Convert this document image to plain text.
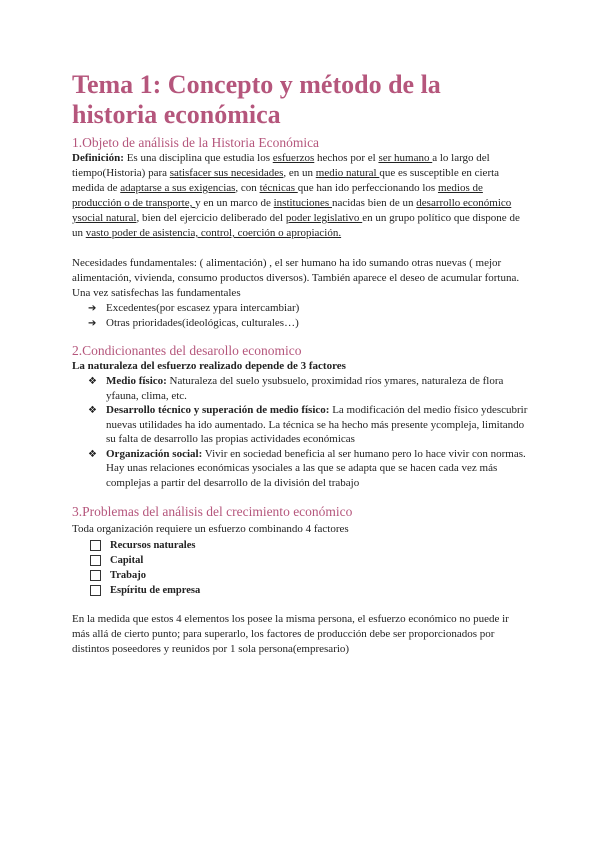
Tema 1: Concepto y método de la historia económica
1.Objeto de análisis de la Historia Económica

Definición: Es una disciplina que estudia los esfuerzos hechos por el ser humano a lo largo del tiempo(Historia) para satisfacer sus necesidades, en un medio natural que es susceptible en cierta medida de adaptarse a sus exigencias, con técnicas que han ido perfeccionando los medios de producción o de transporte, y en un marco de instituciones nacidas bien de un desarrollo económico ysocial natural, bien del ejercicio deliberado del poder legislativo en un grupo político que dispone de un vasto poder de asistencia, control, coerción o apropiación.

Necesidades fundamentales: ( alimentación) , el ser humano ha ido sumando otras nuevas ( mejor alimentación, vivienda, consumo productos diversos). También aparece el deseo de acumular fortuna.

Una vez satisfechas las fundamentales

➔ Excedentes(por escasez ypara intercambiar)
➔ Otras prioridades(ideológicas, culturales…)
2.Condicionantes del desarollo economico

La naturaleza del esfuerzo realizado depende de 3 factores

❖ Medio físico: Naturaleza del suelo ysubsuelo, proximidad ríos ymares, naturaleza de flora yfauna, clima, etc.
❖ Desarrollo técnico y superación de medio físico: La modificación del medio físico ydescubrir nuevas utilidades ha ido aumentado. La técnica se ha hecho más presente ycompleja, limitando su falta de desarrollo las propias actividades económicas
❖ Organización social: Vivir en sociedad beneficia al ser humano pero lo hace vivir con normas. Hay unas relaciones económicas ysociales a las que se adapta que se hacen cada vez más complejas a partir del desarrollo de la división del trabajo
3.Problemas del análisis del crecimiento económico

Toda organización requiere un esfuerzo combinando 4 factores

Recursos naturales
Capital
Trabajo
Espíritu de empresa

En la medida que estos 4 elementos los posee la misma persona, el esfuerzo económico no puede ir más allá de cierto punto; para superarlo, los factores de producción debe ser proporcionados por distintos poseedores y reunidos por 1 sola persona(empresario)
